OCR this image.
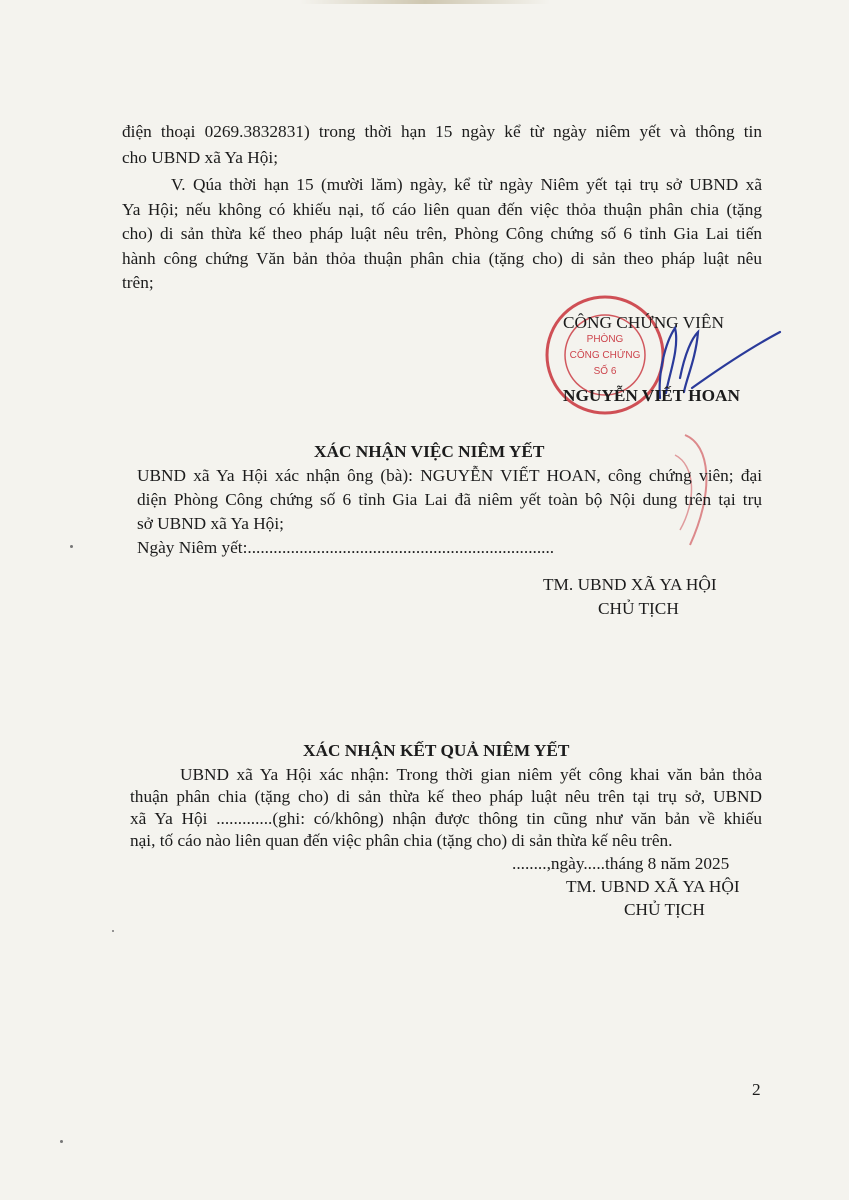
điện thoại 0269.3832831) trong thời hạn 15 ngày kể từ ngày niêm yết và thông tin
cho UBND xã Ya Hội;
V. Qúa thời hạn 15 (mười lăm) ngày, kể từ ngày Niêm yết tại trụ sở UBND xã
Ya Hội; nếu không có khiếu nại, tố cáo liên quan đến việc thỏa thuận phân chia (tặng
cho) di sản thừa kế theo pháp luật nêu trên, Phòng Công chứng số 6 tỉnh Gia Lai tiến
hành công chứng Văn bản thỏa thuận phân chia (tặng cho) di sản theo pháp luật nêu
trên;
PHÒNG
CÔNG CHỨNG
SỐ 6
CÔNG CHỨNG VIÊN
NGUYỄN VIẾT HOAN
XÁC NHẬN VIỆC NIÊM YẾT
UBND xã Ya Hội xác nhận ông (bà): NGUYỄN VIẾT HOAN, công chứng viên; đại
diện Phòng Công chứng số 6 tỉnh Gia Lai đã niêm yết toàn bộ Nội dung trên tại trụ
sở UBND xã Ya Hội;
Ngày Niêm yết:.......................................................................
TM. UBND XÃ YA HỘI
CHỦ TỊCH
XÁC NHẬN KẾT QUẢ NIÊM YẾT
UBND xã Ya Hội xác nhận: Trong thời gian niêm yết công khai văn bản thỏa
thuận phân chia (tặng cho) di sản thừa kế theo pháp luật nêu trên tại trụ sở, UBND
xã Ya Hội .............(ghi: có/không) nhận được thông tin cũng như văn bản về khiếu
nại, tố cáo nào liên quan đến việc phân chia (tặng cho) di sản thừa kế nêu trên.
........,ngày.....tháng 8 năm 2025
TM. UBND XÃ YA HỘI
CHỦ TỊCH
2
